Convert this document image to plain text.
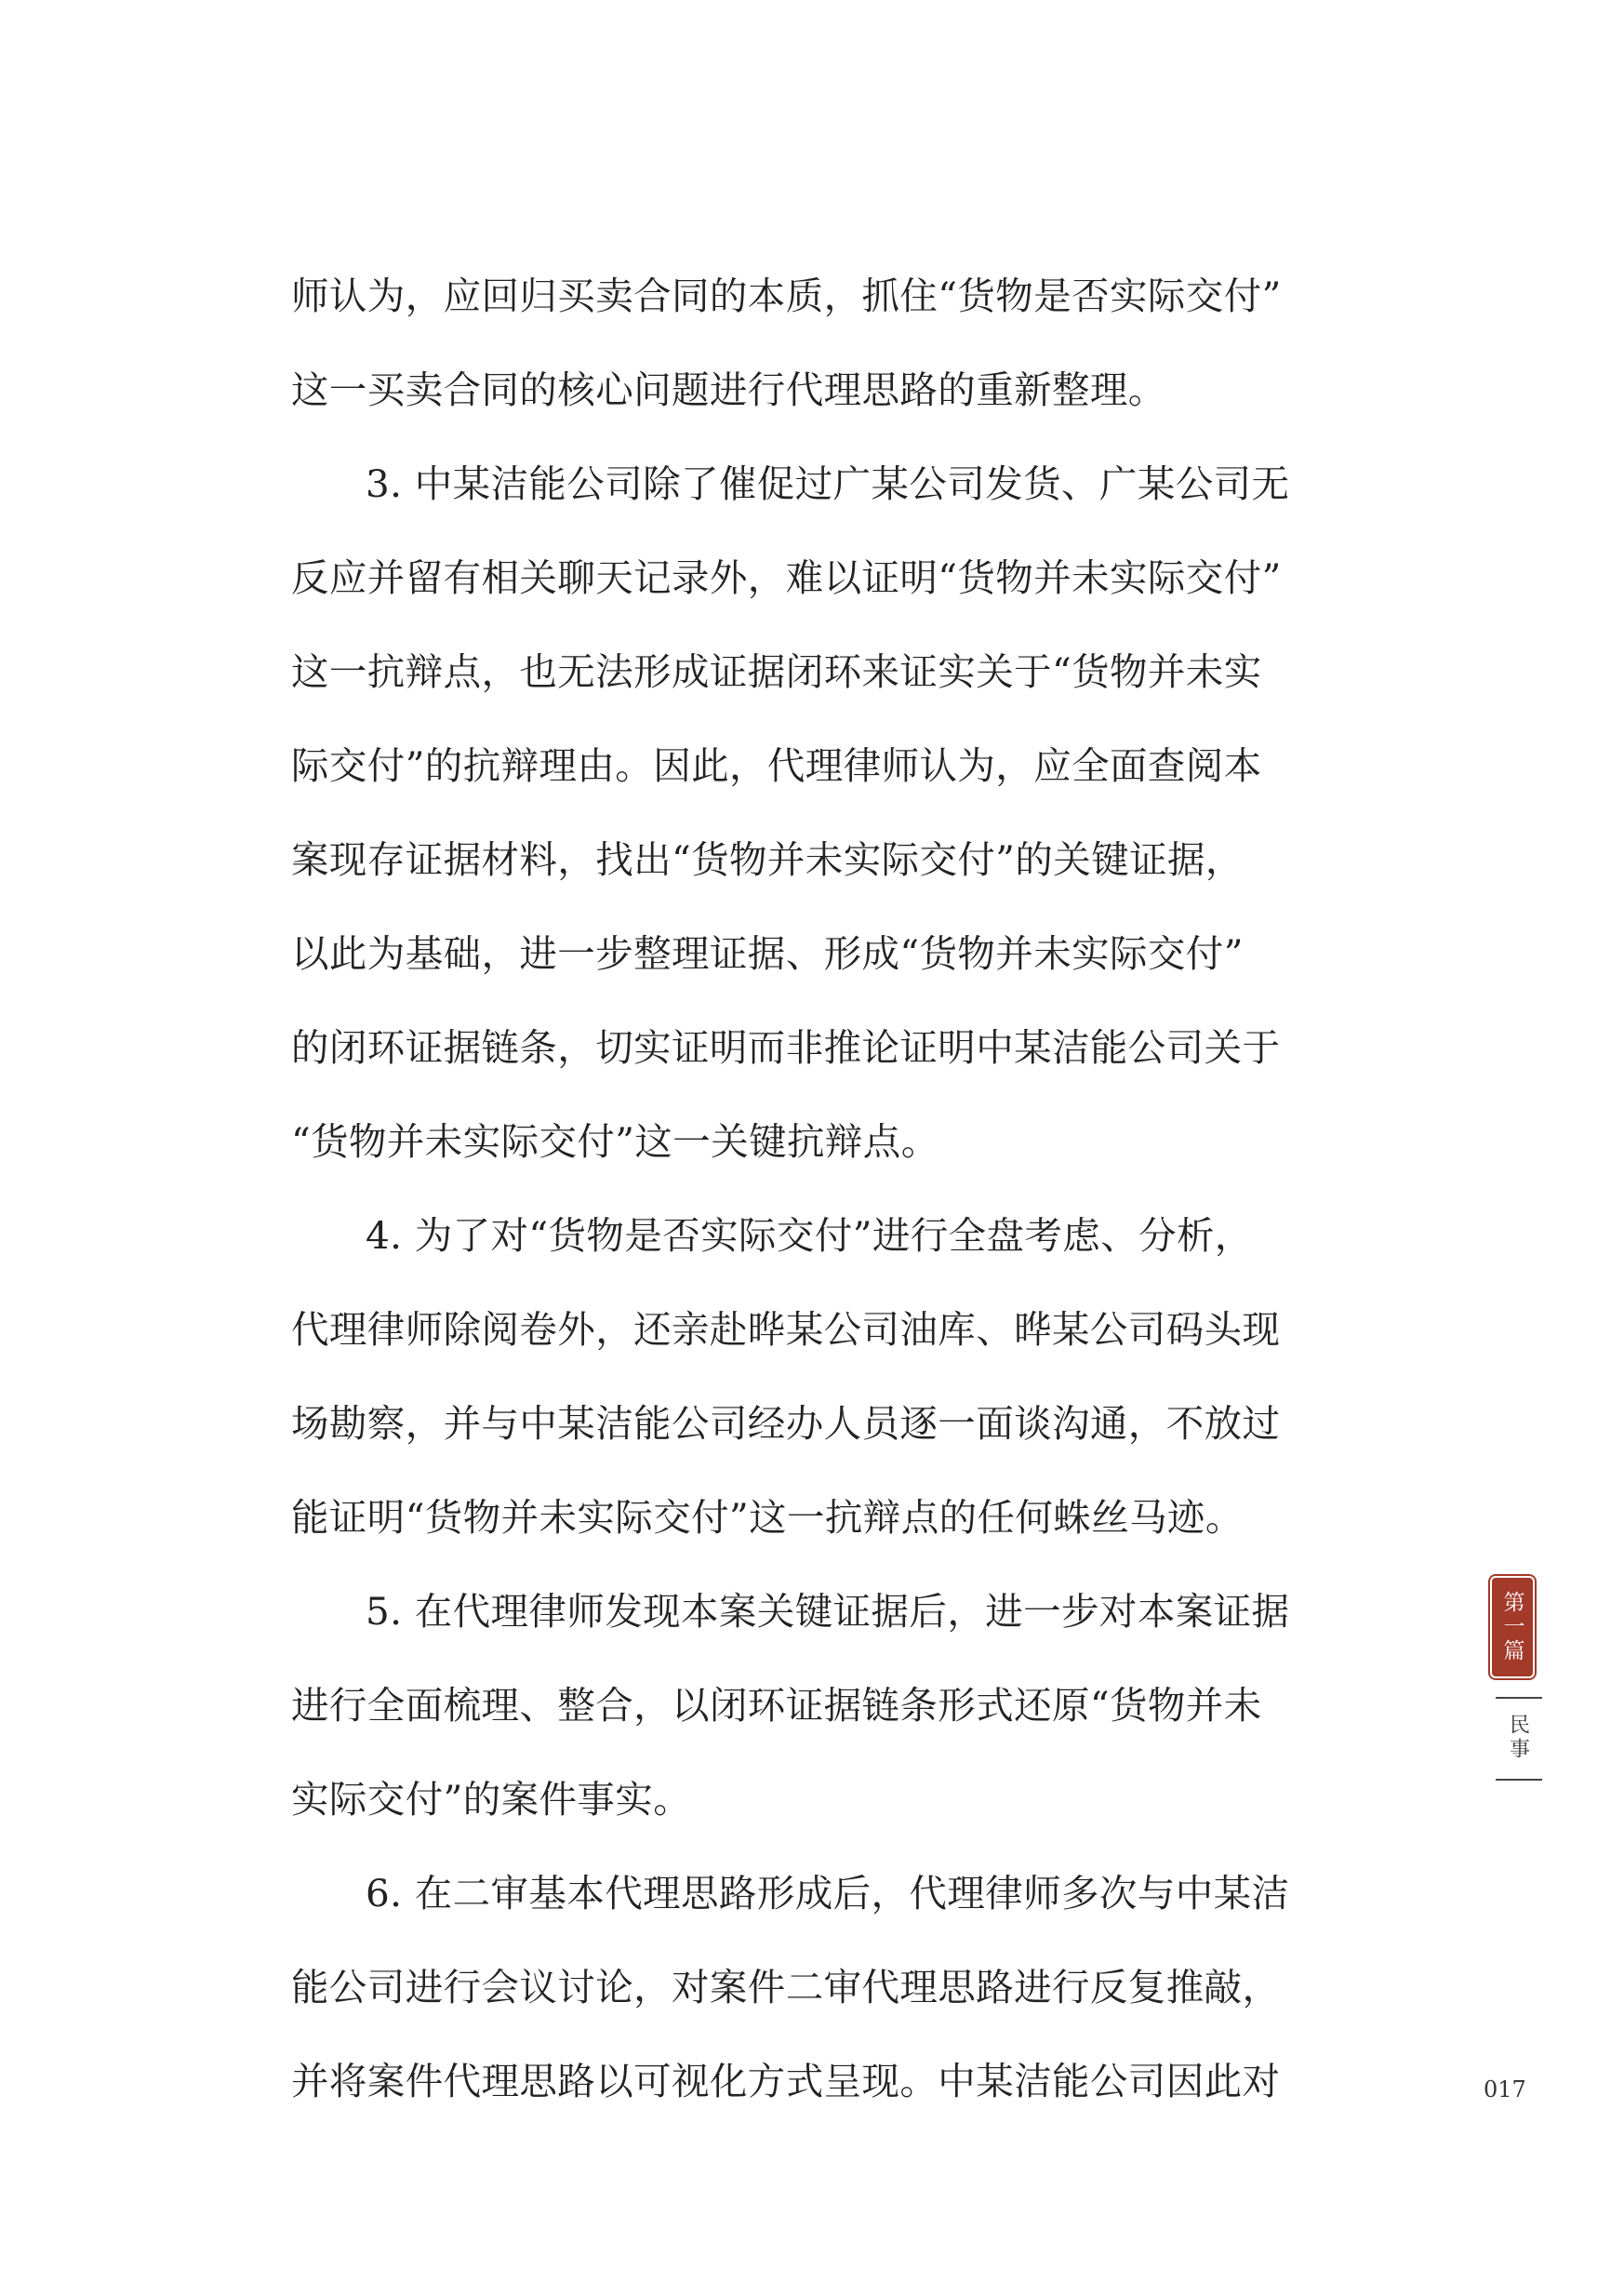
师认为，应回归买卖合同的本质，抓住“货物是否实际交付”

这一买卖合同的核心问题进行代理思路的重新整理。

3. 中某洁能公司除了催促过广某公司发货、广某公司无

反应并留有相关聊天记录外，难以证明“货物并未实际交付”

这一抗辩点，也无法形成证据闭环来证实关于“货物并未实

际交付”的抗辩理由。因此，代理律师认为，应全面查阅本

案现存证据材料，找出“货物并未实际交付”的关键证据，

以此为基础，进一步整理证据、形成“货物并未实际交付”

的闭环证据链条，切实证明而非推论证明中某洁能公司关于

“货物并未实际交付”这一关键抗辩点。

4. 为了对“货物是否实际交付”进行全盘考虑、分析，

代理律师除阅卷外，还亲赴晔某公司油库、晔某公司码头现

场勘察，并与中某洁能公司经办人员逐一面谈沟通，不放过

能证明“货物并未实际交付”这一抗辩点的任何蛛丝马迹。

5. 在代理律师发现本案关键证据后，进一步对本案证据

进行全面梳理、整合，以闭环证据链条形式还原“货物并未

实际交付”的案件事实。

6. 在二审基本代理思路形成后，代理律师多次与中某洁

能公司进行会议讨论，对案件二审代理思路进行反复推敲，

并将案件代理思路以可视化方式呈现。中某洁能公司因此对

第一篇
民事
017
